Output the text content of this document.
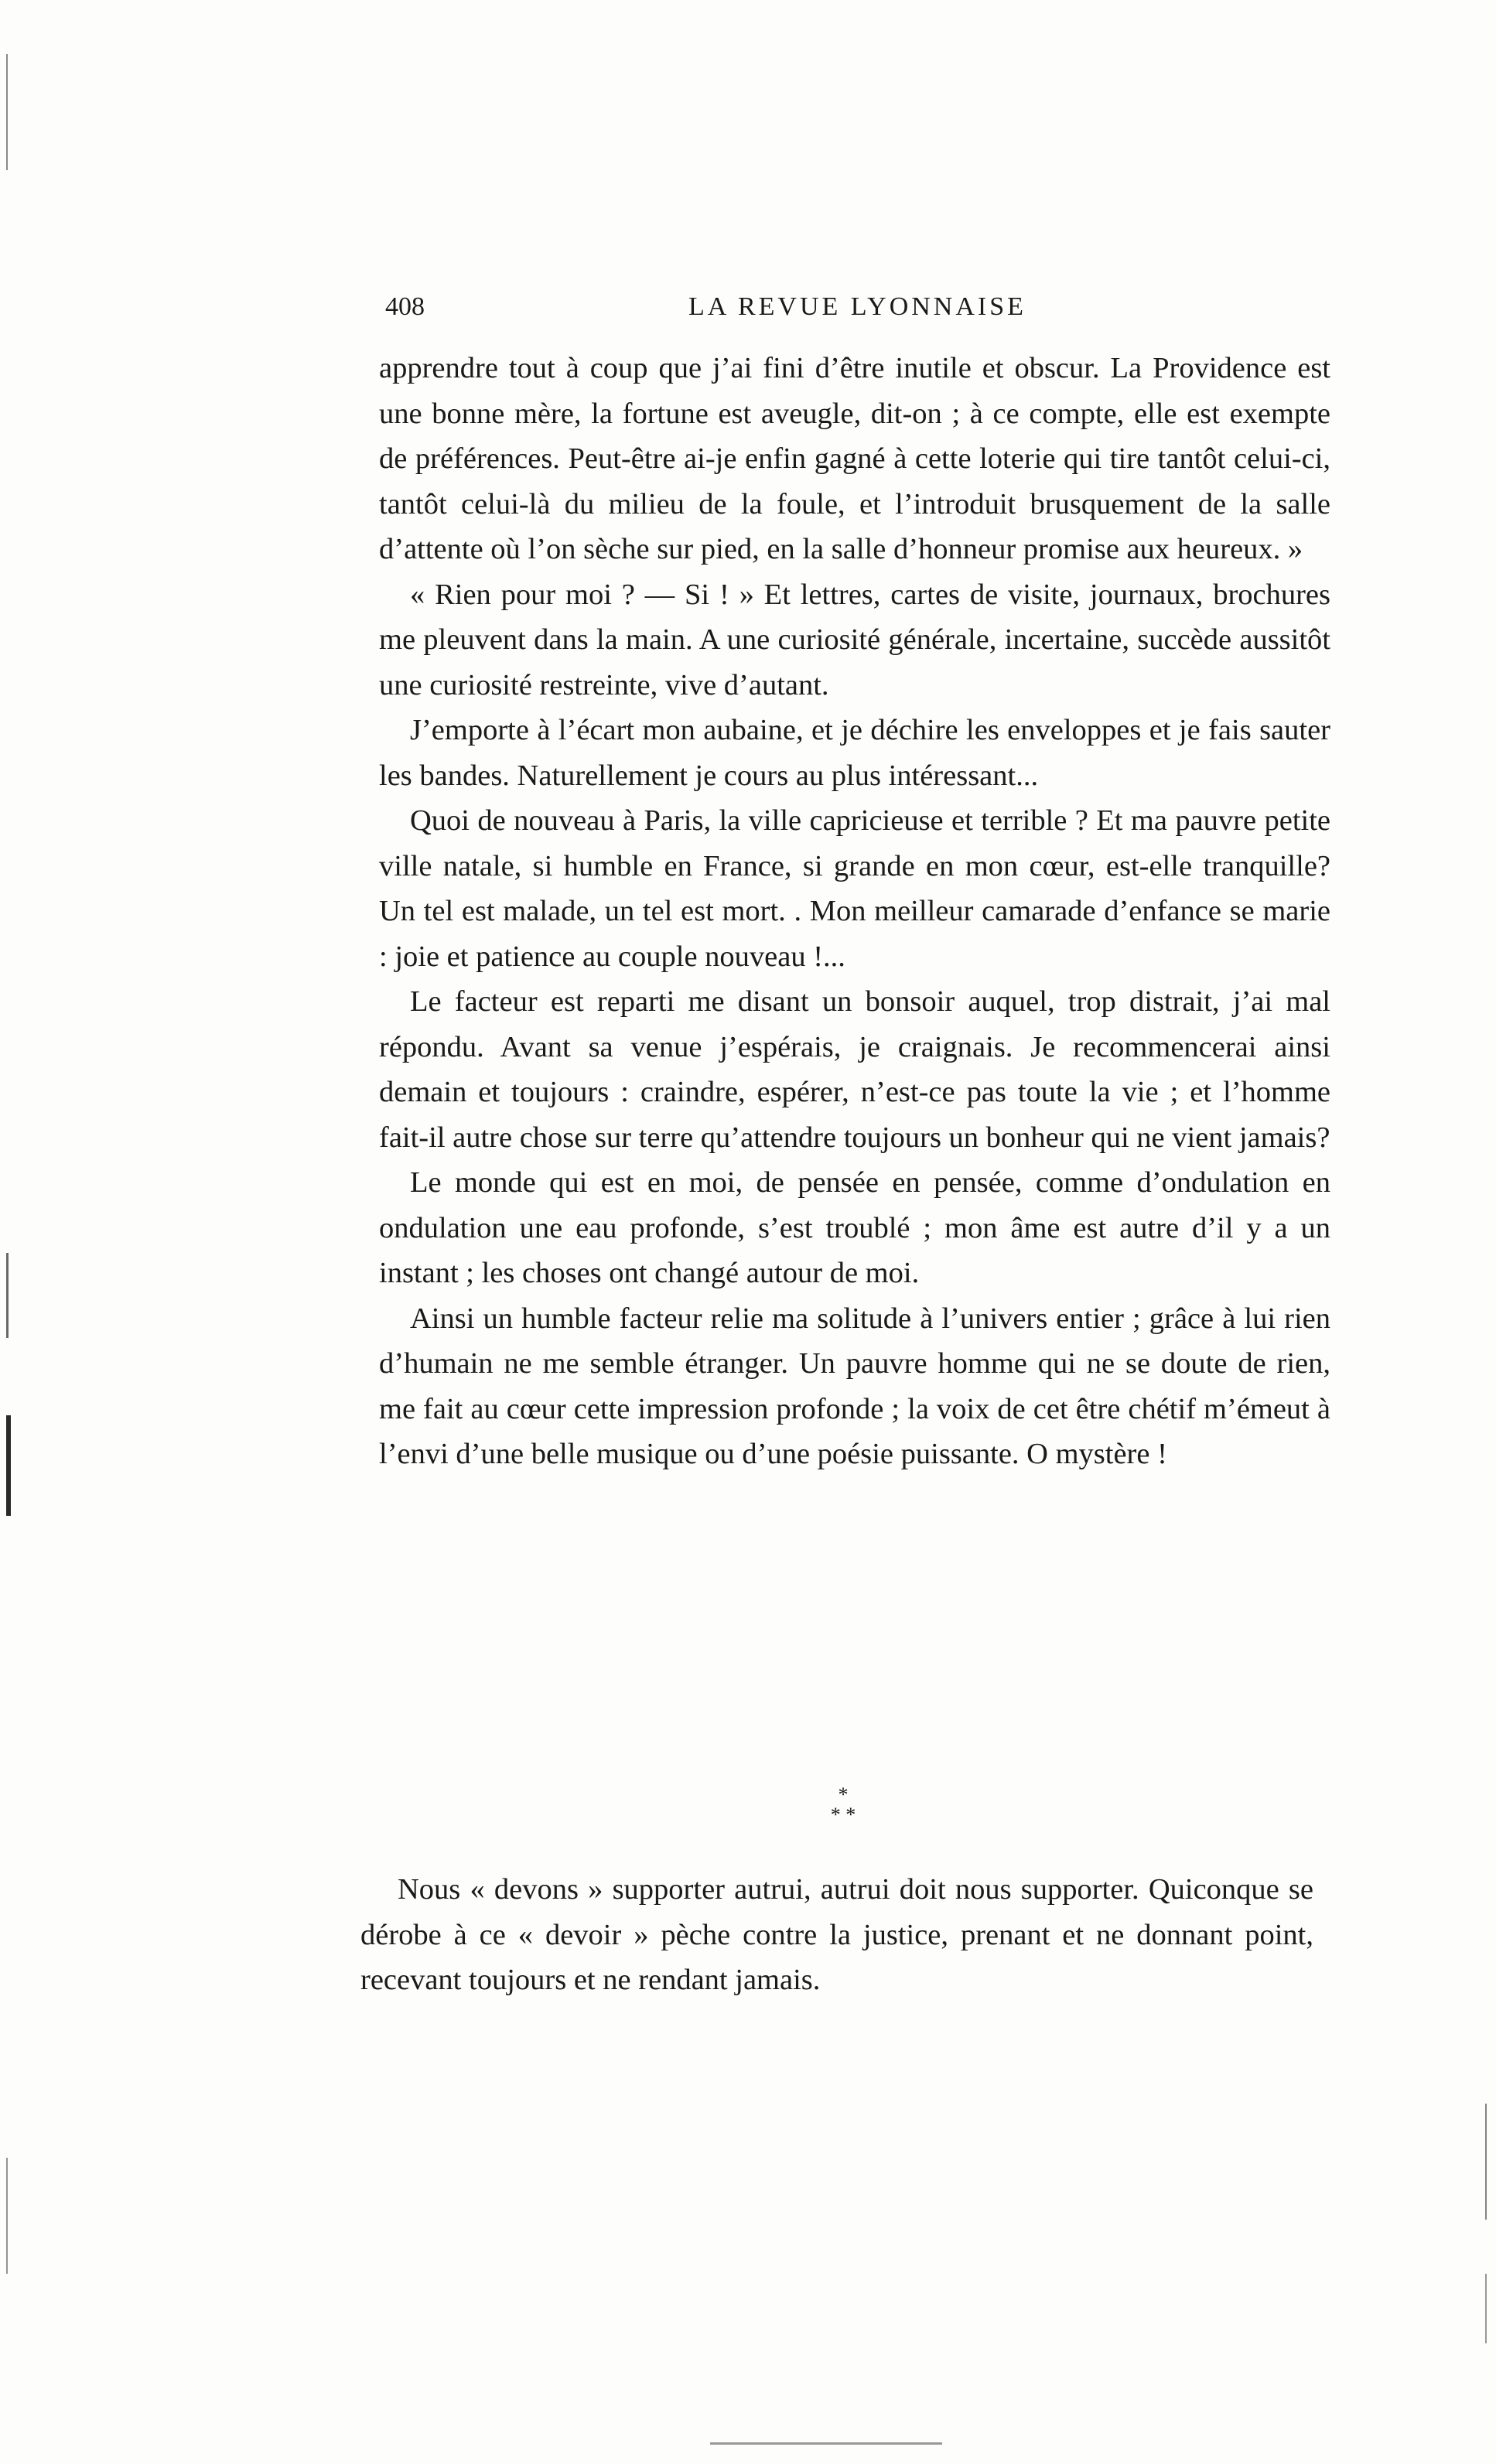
408	LA REVUE LYONNAISE

apprendre tout à coup que j’ai fini d’être inutile et obscur. La Providence est une bonne mère, la fortune est aveugle, dit-on ; à ce compte, elle est exempte de préférences. Peut-être ai-je enfin gagné à cette loterie qui tire tantôt celui-ci, tantôt celui-là du milieu de la foule, et l’introduit brusquement de la salle d’attente où l’on sèche sur pied, en la salle d’honneur promise aux heureux. »

« Rien pour moi ? — Si ! » Et lettres, cartes de visite, journaux, brochures me pleuvent dans la main. A une curiosité générale, incertaine, succède aussitôt une curiosité restreinte, vive d’autant.

J’emporte à l’écart mon aubaine, et je déchire les enveloppes et je fais sauter les bandes. Naturellement je cours au plus intéressant...

Quoi de nouveau à Paris, la ville capricieuse et terrible ? Et ma pauvre petite ville natale, si humble en France, si grande en mon cœur, est-elle tranquille? Un tel est malade, un tel est mort. . Mon meilleur camarade d’enfance se marie : joie et patience au couple nouveau !...

Le facteur est reparti me disant un bonsoir auquel, trop distrait, j’ai mal répondu. Avant sa venue j’espérais, je craignais. Je recommencerai ainsi demain et toujours : craindre, espérer, n’est-ce pas toute la vie ; et l’homme fait-il autre chose sur terre qu’attendre toujours un bonheur qui ne vient jamais?

Le monde qui est en moi, de pensée en pensée, comme d’ondulation en ondulation une eau profonde, s’est troublé ; mon âme est autre d’il y a un instant ; les choses ont changé autour de moi.

Ainsi un humble facteur relie ma solitude à l’univers entier ; grâce à lui rien d’humain ne me semble étranger. Un pauvre homme qui ne se doute de rien, me fait au cœur cette impression profonde ; la voix de cet être chétif m’émeut à l’envi d’une belle musique ou d’une poésie puissante. O mystère !

*
* *

Nous « devons » supporter autrui, autrui doit nous supporter. Quiconque se dérobe à ce « devoir » pèche contre la justice, prenant et ne donnant point, recevant toujours et ne rendant jamais.
